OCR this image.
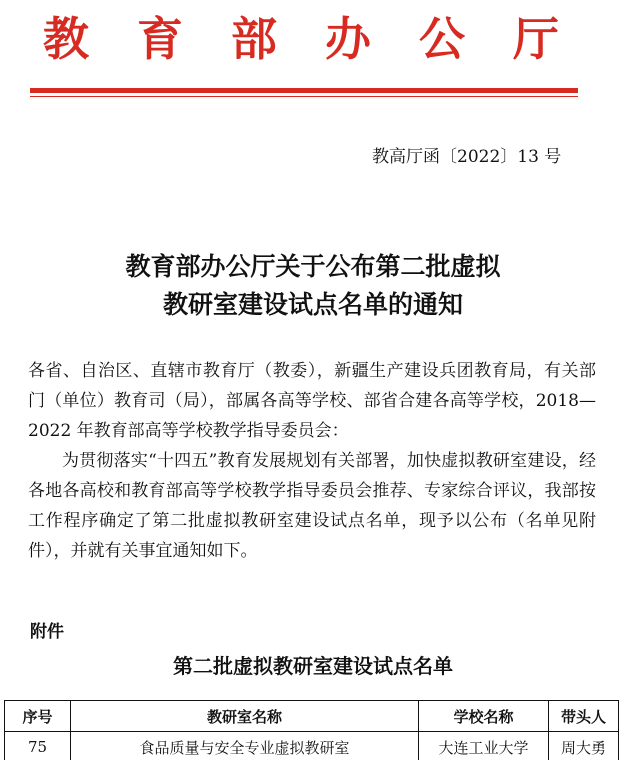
教 育 部 办 公 厅
教高厅函〔2022〕13 号
教育部办公厅关于公布第二批虚拟
教研室建设试点名单的通知

各省、自治区、直辖市教育厅（教委），新疆生产建设兵团教育局，有关部门（单位）教育司（局），部属各高等学校、部省合建各高等学校，2018—2022 年教育部高等学校教学指导委员会：

为贯彻落实“十四五”教育发展规划有关部署，加快虚拟教研室建设，经各地各高校和教育部高等学校教学指导委员会推荐、专家综合评议，我部按工作程序确定了第二批虚拟教研室建设试点名单，现予以公布（名单见附件），并就有关事宜通知如下。

附件
第二批虚拟教研室建设试点名单
序号	教研室名称	学校名称	带头人
75	食品质量与安全专业虚拟教研室	大连工业大学	周大勇
